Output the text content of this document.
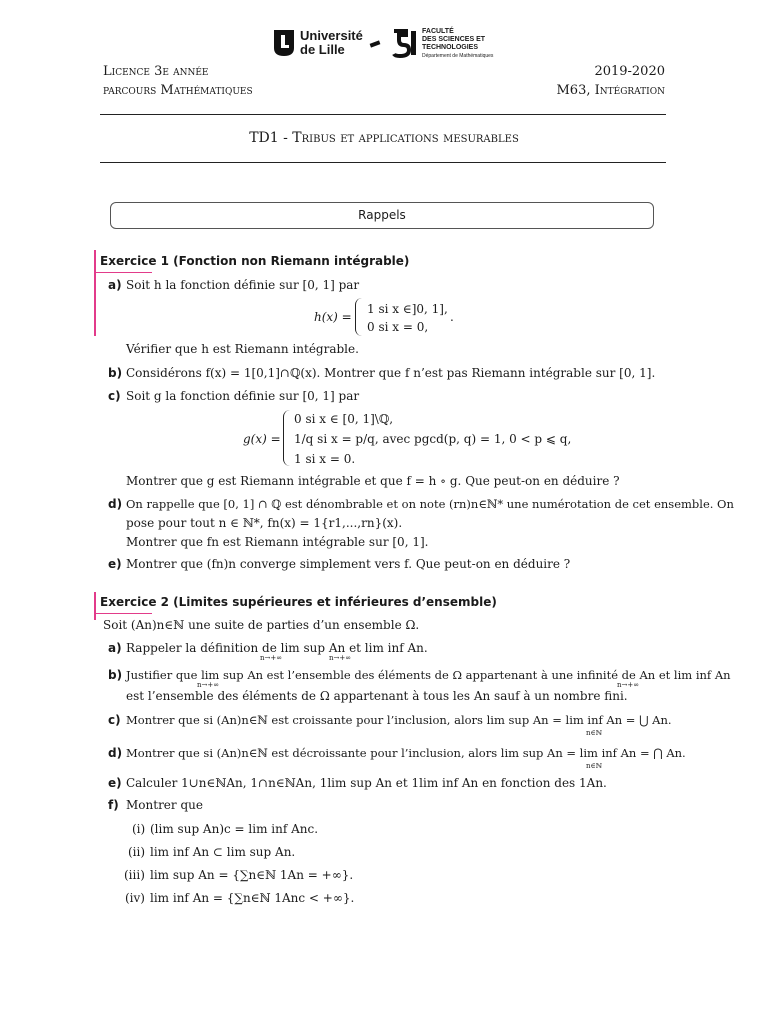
Université
de Lille
FACULTÉ
DES SCIENCES ET
TECHNOLOGIES
Département de Mathématiques
Licence 3e année
parcours Mathématiques
2019-2020
M63, Intégration
TD1 - Tribus et applications mesurables
Rappels
Exercice 1 (Fonction non Riemann intégrable)
a) Soit h la fonction définie sur [0, 1] par
h(x) =
1 si x ∈]0, 1],
0 si x = 0,
.
Vérifier que h est Riemann intégrable.
b) Considérons f(x) = 1[0,1]∩ℚ(x). Montrer que f n’est pas Riemann intégrable sur [0, 1].
c) Soit g la fonction définie sur [0, 1] par
g(x) =
0 si x ∈ [0, 1]\ℚ,
1/q si x = p/q, avec pgcd(p, q) = 1, 0 < p ⩽ q,
1 si x = 0.
Montrer que g est Riemann intégrable et que f = h ∘ g. Que peut-on en déduire ?
d) On rappelle que [0, 1] ∩ ℚ est dénombrable et on note (rn)n∈ℕ* une numérotation de cet ensemble. On
pose pour tout n ∈ ℕ*, fn(x) = 1{r1,...,rn}(x).
Montrer que fn est Riemann intégrable sur [0, 1].
e) Montrer que (fn)n converge simplement vers f. Que peut-on en déduire ?
Exercice 2 (Limites supérieures et inférieures d’ensemble)
Soit (An)n∈ℕ une suite de parties d’un ensemble Ω.
a) Rappeler la définition de lim sup An et lim inf An.
n→+∞	n→+∞
b) Justifier que lim sup An est l’ensemble des éléments de Ω appartenant à une infinité de An et lim inf An
n→+∞	n→+∞
est l’ensemble des éléments de Ω appartenant à tous les An sauf à un nombre fini.
c) Montrer que si (An)n∈ℕ est croissante pour l’inclusion, alors lim sup An = lim inf An = ⋃ An.
n∈ℕ
d) Montrer que si (An)n∈ℕ est décroissante pour l’inclusion, alors lim sup An = lim inf An = ⋂ An.
n∈ℕ
e) Calculer 1∪n∈ℕAn, 1∩n∈ℕAn, 1lim sup An et 1lim inf An en fonction des 1An.
f) Montrer que
(i) (lim sup An)c = lim inf Anc.
(ii) lim inf An ⊂ lim sup An.
(iii) lim sup An = {∑n∈ℕ 1An = +∞}.
(iv) lim inf An = {∑n∈ℕ 1Anc < +∞}.
